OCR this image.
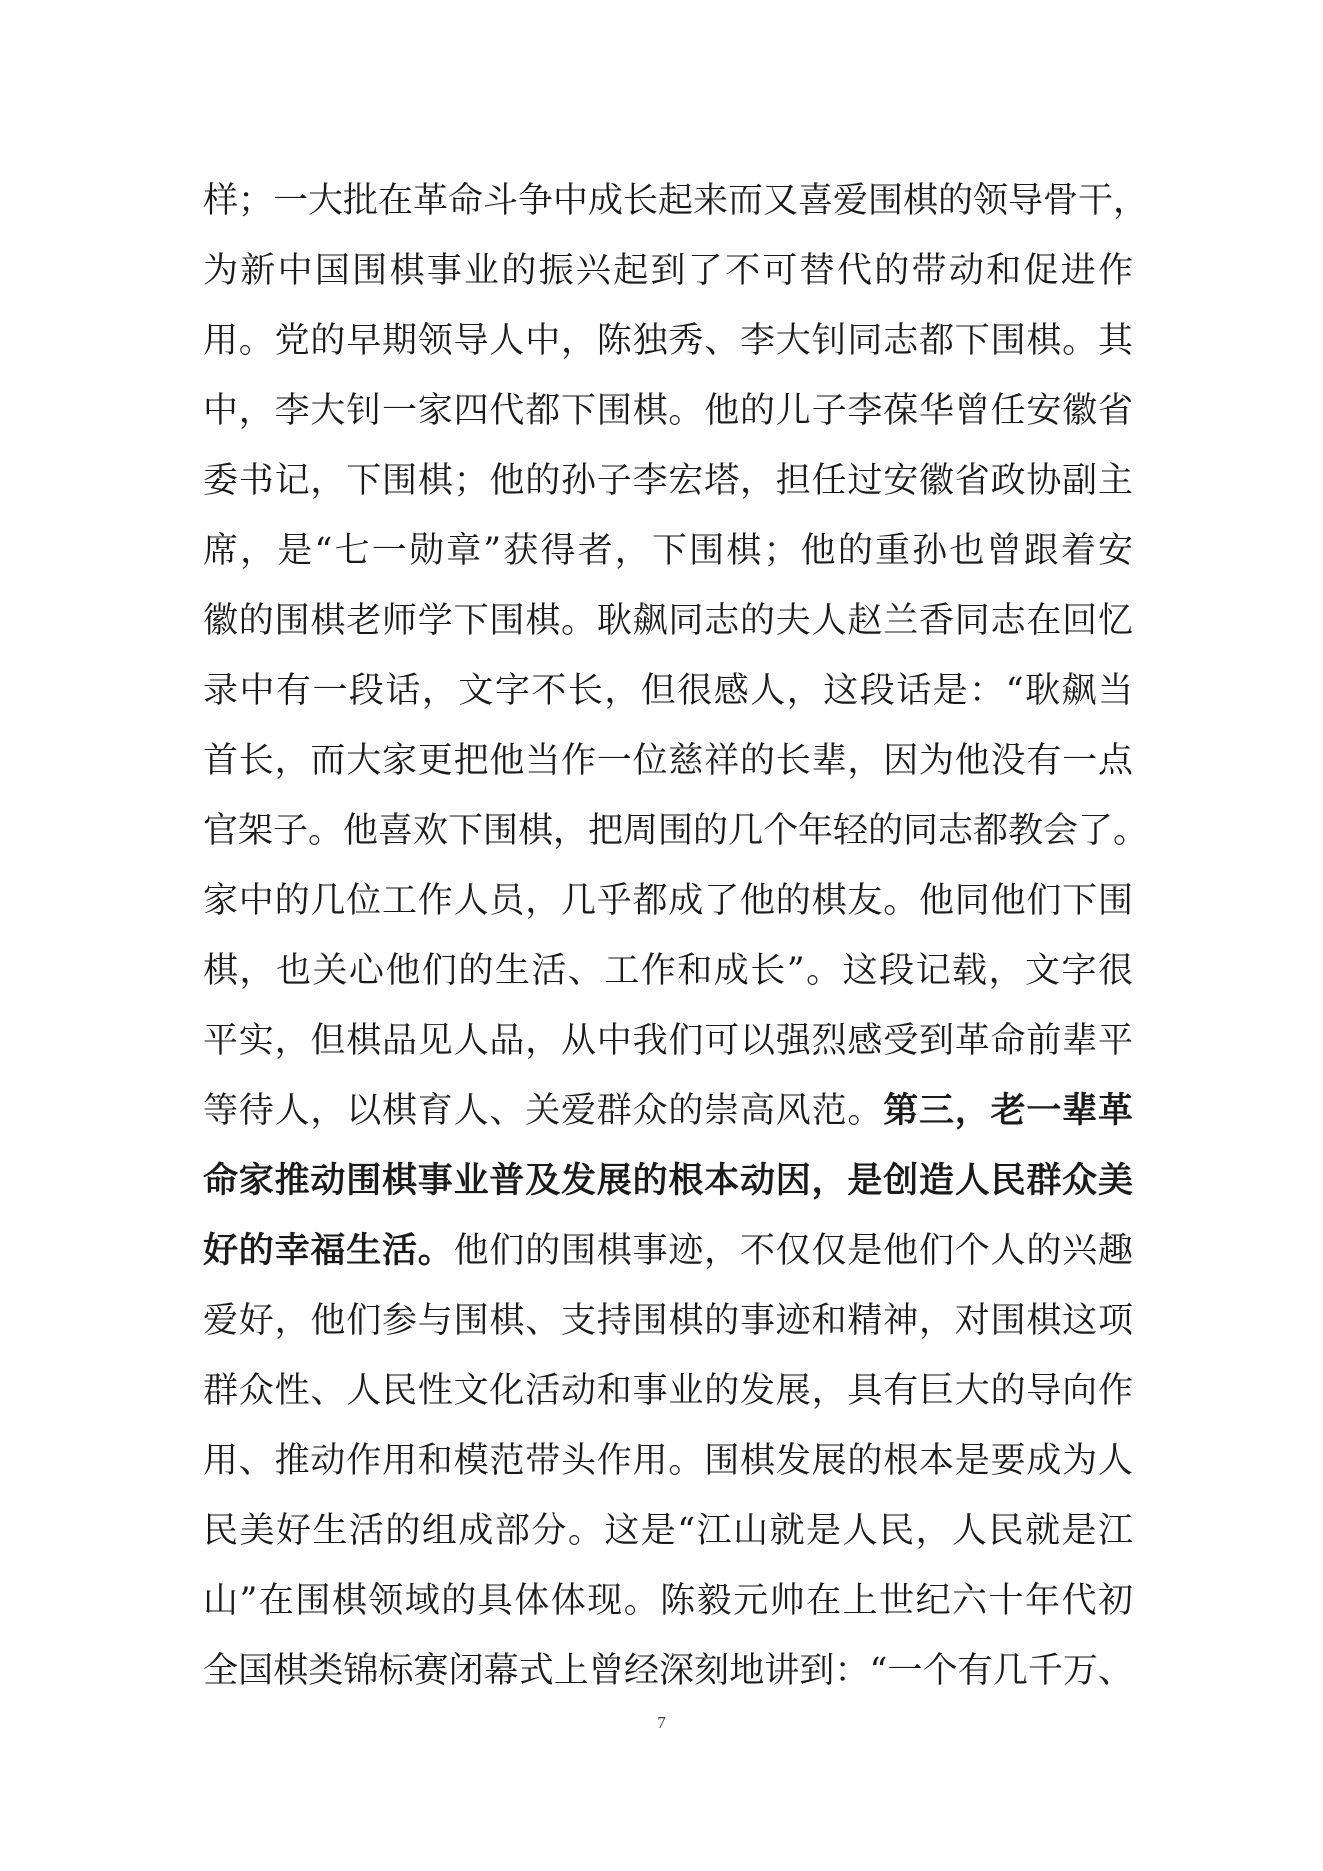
样；一大批在革命斗争中成长起来而又喜爱围棋的领导骨干，
为新中国围棋事业的振兴起到了不可替代的带动和促进作
用。党的早期领导人中，陈独秀、李大钊同志都下围棋。其
中，李大钊一家四代都下围棋。他的儿子李葆华曾任安徽省
委书记，下围棋；他的孙子李宏塔，担任过安徽省政协副主
席，是“七一勋章”获得者，下围棋；他的重孙也曾跟着安
徽的围棋老师学下围棋。耿飙同志的夫人赵兰香同志在回忆
录中有一段话，文字不长，但很感人，这段话是：“耿飙当
首长，而大家更把他当作一位慈祥的长辈，因为他没有一点
官架子。他喜欢下围棋，把周围的几个年轻的同志都教会了。
家中的几位工作人员，几乎都成了他的棋友。他同他们下围
棋，也关心他们的生活、工作和成长”。这段记载，文字很
平实，但棋品见人品，从中我们可以强烈感受到革命前辈平
等待人，以棋育人、关爱群众的崇高风范。第三，老一辈革
命家推动围棋事业普及发展的根本动因，是创造人民群众美
好的幸福生活。他们的围棋事迹，不仅仅是他们个人的兴趣
爱好，他们参与围棋、支持围棋的事迹和精神，对围棋这项
群众性、人民性文化活动和事业的发展，具有巨大的导向作
用、推动作用和模范带头作用。围棋发展的根本是要成为人
民美好生活的组成部分。这是“江山就是人民，人民就是江
山”在围棋领域的具体体现。陈毅元帅在上世纪六十年代初
全国棋类锦标赛闭幕式上曾经深刻地讲到：“一个有几千万、
7
